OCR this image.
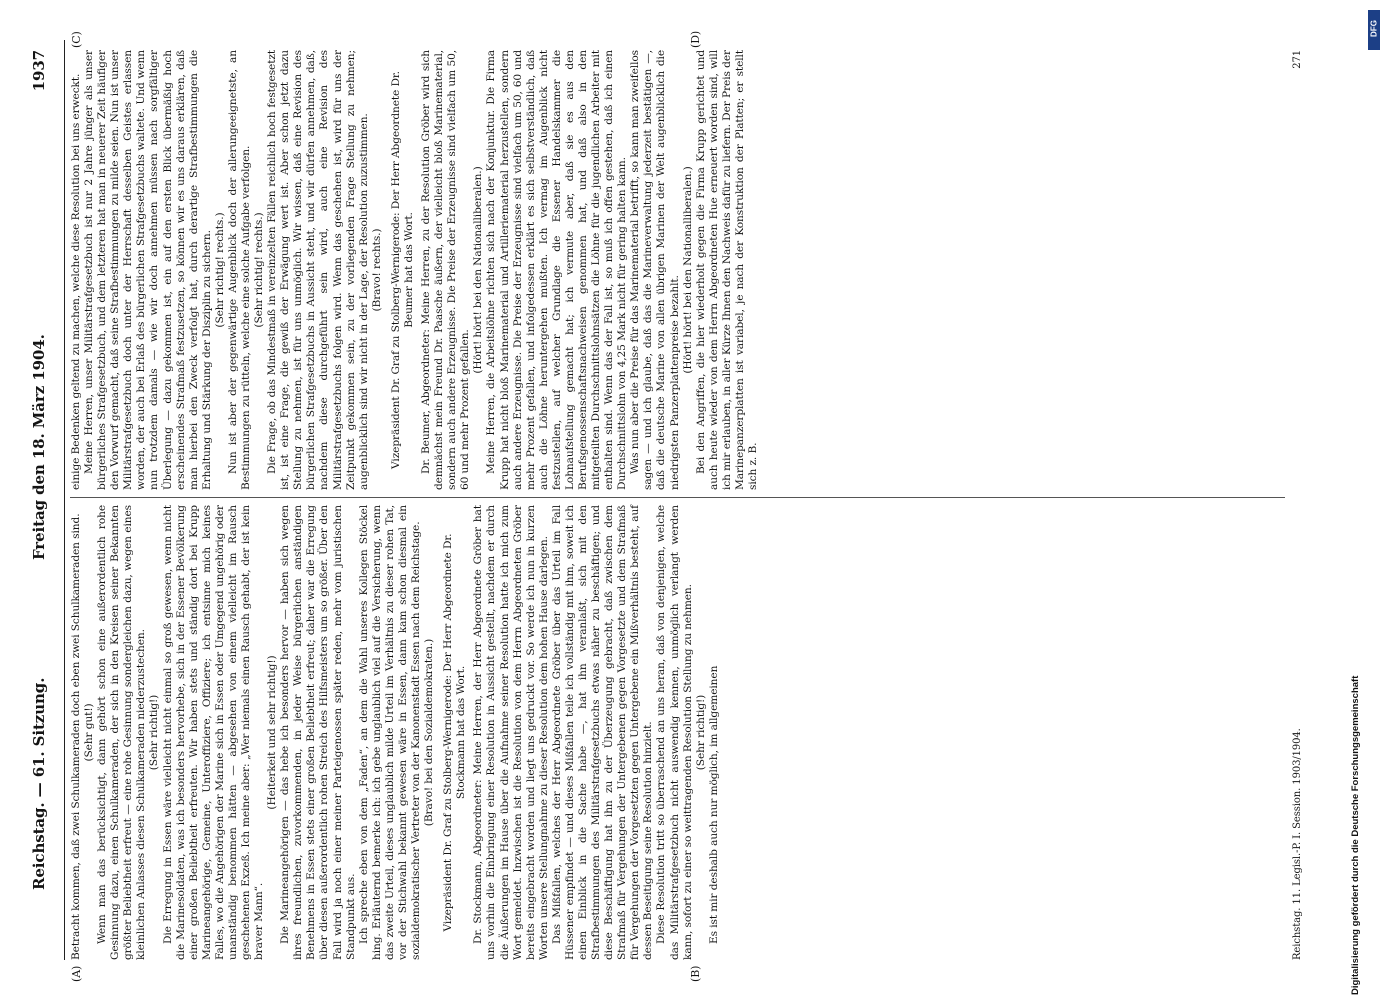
Reichstag. — 61. Sitzung.
Freitag den 18. März 1904.
1937
(A)	(B)
(C)	(D)

Betracht kommen, daß zwei Schulkameraden doch eben zwei Schulkameraden sind. (Sehr gut!) Wenn man das berücksichtigt, dann gehört schon eine außerordentlich rohe Gesinnung dazu, einen Schulkameraden, der sich in den Kreisen seiner Bekannten größter Beliebtheit erfreut — eine rohe Gesinnung sondergleichen dazu, wegen eines kleinlichen Anlasses diesen Schulkameraden niederzustechen. (Sehr richtig!) Die Erregung in Essen wäre vielleicht nicht einmal so groß gewesen, wenn nicht die Marinesoldaten, was ich besonders hervorhebe, sich in der Essener Bevölkerung einer großen Beliebtheit erfreuten. Wir haben stets und ständig dort bei Krupp Marineangehörige, Gemeine, Unteroffiziere, Offiziere; ich entsinne mich keines Falles, wo die Angehörigen der Marine sich in Essen oder Umgegend ungehörig oder unanständig benommen hätten — abgesehen von einem vielleicht im Rausch geschehenen Exzeß. Ich meine aber: „Wer niemals einen Rausch gehabt, der ist kein braver Mann“.

(Heiterkeit und sehr richtig!) Die Marineangehörigen — das hebe ich besonders hervor — haben sich wegen ihres freundlichen, zuvorkommenden, in jeder Weise bürgerlichen anständigen Benehmens in Essen stets einer großen Beliebtheit erfreut; daher war die Erregung über diesen außerordentlich rohen Streich des Hilfsmeisters um so größer. Über den Fall wird ja noch einer meiner Parteigenossen später reden, mehr vom juristischen Standpunkt aus. Ich spreche eben von dem „Faden“, an dem die Wahl unseres Kollegen Stöckel hing. Erläuternd bemerke ich: ich gebe unglaublich viel auf die Versicherung, wenn das zweite Urteil, dieses unglaublich milde Urteil im Verhältnis zu dieser rohen Tat, vor der Stichwahl bekannt gewesen wäre in Essen, dann kam schon diesmal ein sozialdemokratischer Vertreter von der Kanonenstadt Essen nach dem Reichstage. (Bravo! bei den Sozialdemokraten.) Vizepräsident Dr. Graf zu Stolberg-Wernigerode: Der Herr Abgeordnete Dr. Stockmann hat das Wort. Dr. Stockmann, Abgeordneter: Meine Herren, der Herr Abgeordnete Gröber hat uns vorhin die Einbringung einer Resolution in Aussicht gestellt, nachdem er durch die Äußerungen im Hause über die Aufnahme seiner Resolution hatte ich mich zum Wort gemeldet. Inzwischen ist die Resolution von dem Herrn Abgeordneten Gröber bereits eingebracht worden und liegt uns gedruckt vor. So werde ich nun in kurzen Worten unsere Stellungnahme zu dieser Resolution dem hohen Hause darlegen. Das Mißfallen, welches der Herr Abgeordnete Gröber über das Urteil im Fall Hüssener empfindet — und dieses Mißfallen teile ich vollständig mit ihm, soweit ich einen Einblick in die Sache habe —, hat ihn veranlaßt, sich mit den Strafbestimmungen des Militärstrafgesetzbuchs etwas näher zu beschäftigen; und diese Beschäftigung hat ihn zu der Überzeugung gebracht, daß zwischen dem Strafmaß für Vergehungen der Untergebenen gegen Vorgesetzte und dem Strafmaß für Vergehungen der Vorgesetzten gegen Untergebene ein Mißverhältnis besteht, auf dessen Beseitigung seine Resolution hinzielt. Diese Resolution tritt so überraschend an uns heran, daß von denjenigen, welche das Militärstrafgesetzbuch nicht auswendig kennen, unmöglich verlangt werden kann, sofort zu einer so weittragenden Resolution Stellung zu nehmen. (Sehr richtig!) Es ist mir deshalb auch nur möglich, im allgemeinen

einige Bedenken geltend zu machen, welche diese Resolution bei uns erweckt. Meine Herren, unser Militärstrafgesetzbuch ist nur 2 Jahre jünger als unser bürgerliches Strafgesetzbuch, und dem letzteren hat man in neuerer Zeit häufiger den Vorwurf gemacht, daß seine Strafbestimmungen zu milde seien. Nun ist unser Militärstrafgesetzbuch doch unter der Herrschaft desselben Geistes erlassen worden, der auch bei Erlaß des bürgerlichen Strafgesetzbuchs waltete. Und wenn nun trotzdem damals — wie wir doch annehmen müssen nach sorgfältiger Überlegung — dazu gekommen ist, ein auf den ersten Blick übermäßig hoch erscheinendes Strafmaß festzusetzen, so können wir es uns daraus erklären, daß man hierbei den Zweck verfolgt hat, durch derartige Strafbestimmungen die Erhaltung und Stärkung der Disziplin zu sichern. (Sehr richtig! rechts.) Nun ist aber der gegenwärtige Augenblick doch der allerungeeignetste, an Bestimmungen zu rütteln, welche eine solche Aufgabe verfolgen. (Sehr richtig! rechts.) Die Frage, ob das Mindestmaß in vereinzelten Fällen reichlich hoch festgesetzt ist, ist eine Frage, die gewiß der Erwägung wert ist. Aber schon jetzt dazu Stellung zu nehmen, ist für uns unmöglich. Wir wissen, daß eine Revision des bürgerlichen Strafgesetzbuchs in Aussicht steht, und wir dürfen annehmen, daß, nachdem diese durchgeführt sein wird, auch eine Revision des Militärstrafgesetzbuchs folgen wird. Wenn das geschehen ist, wird für uns der Zeitpunkt gekommen sein, zu der vorliegenden Frage Stellung zu nehmen; augenblicklich sind wir nicht in der Lage, der Resolution zuzustimmen. (Bravo! rechts.) Vizepräsident Dr. Graf zu Stolberg-Wernigerode: Der Herr Abgeordnete Dr. Beumer hat das Wort. Dr. Beumer, Abgeordneter: Meine Herren, zu der Resolution Gröber wird sich demnächst mein Freund Dr. Paasche äußern, der vielleicht bloß Marinematerial, sondern auch andere Erzeugnisse. Die Preise der Erzeugnisse sind vielfach um 50, 60 und mehr Prozent gefallen.

(Hört! hört! bei den Nationalliberalen.) Meine Herren, die Arbeitslöhne richten sich nach der Konjunktur. Die Firma Krupp hat nicht bloß Marinematerial und Artilleriematerial herzustellen, sondern auch andere Erzeugnisse. Die Preise der Erzeugnisse sind vielfach um 50, 60 und mehr Prozent gefallen, und infolgedessen erklärt es sich selbstverständlich, daß auch die Löhne heruntergehen mußten. Ich vermag im Augenblick nicht festzustellen, auf welcher Grundlage die Essener Handelskammer die Lohnaufstellung gemacht hat; ich vermute aber, daß sie es aus den Berufsgenossenschaftsnachweisen genommen hat, und daß also in den mitgeteilten Durchschnittslohnsätzen die Löhne für die jugendlichen Arbeiter mit enthalten sind. Wenn das der Fall ist, so muß ich offen gestehen, daß ich einen Durchschnittslohn von 4,25 Mark nicht für gering halten kann. Was nun aber die Preise für das Marinematerial betrifft, so kann man zweifellos sagen — und ich glaube, daß das die Marineverwaltung jederzeit bestätigen —, daß die deutsche Marine von allen übrigen Marinen der Welt augenblicklich die niedrigsten Panzerplattenpreise bezahlt.

(Hört! hört! bei den Nationalliberalen.) Bei den Angriffen, die hier wiederholt gegen die Firma Krupp gerichtet und auch heute wieder von dem Herrn Abgeordneten Hue erneuert worden sind, will ich mir erlauben, in aller Kürze Ihnen den Nachweis dafür zu liefern. Der Preis der Marinepanzerplatten ist variabel, je nach der Konstruktion der Platten; er stellt sich z. B.

Reichstag. 11. Legisl.-P. I. Session. 1903/1904.
271
Digitalisierung gefördert durch die Deutsche Forschungsgemeinschaft
DFG
